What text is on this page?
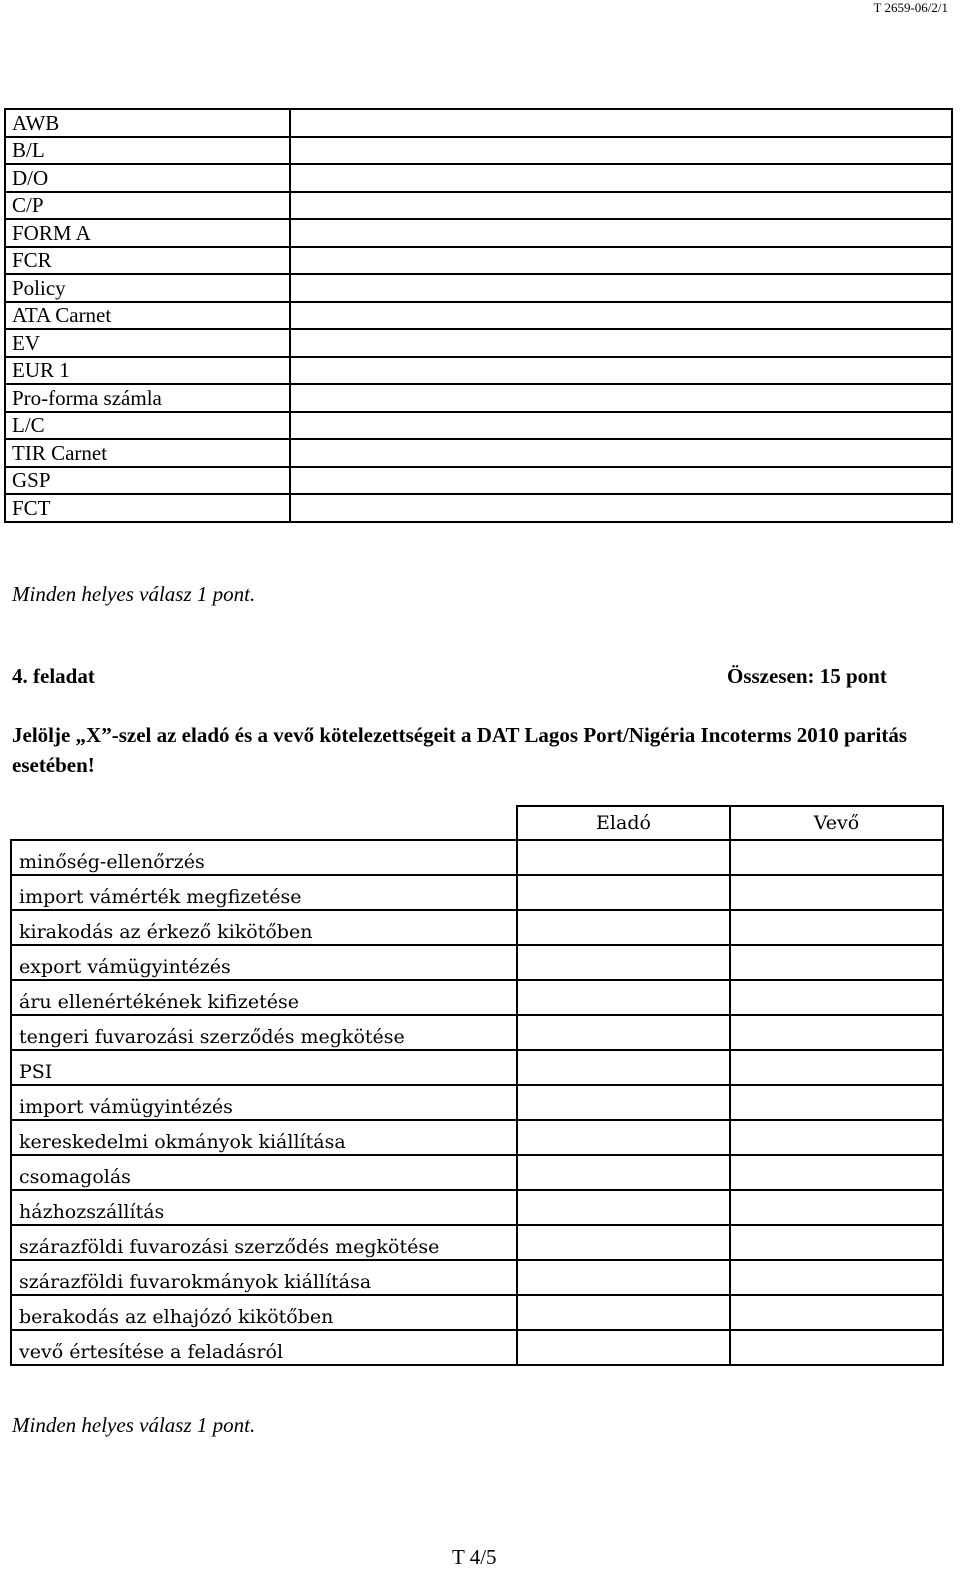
T 2659-06/2/1
AWB	
B/L	
D/O	
C/P	
FORM A	
FCR	
Policy	
ATA Carnet	
EV	
EUR 1	
Pro-forma számla	
L/C	
TIR Carnet	
GSP	
FCT	
Minden helyes válasz 1 pont.
4. feladat	Összesen: 15 pont
Jelölje „X”-szel az eladó és a vevő kötelezettségeit a DAT Lagos Port/Nigéria Incoterms 2010 paritás esetében!
	Eladó	Vevő
minőség-ellenőrzés		
import vámérték megfizetése		
kirakodás az érkező kikötőben		
export vámügyintézés		
áru ellenértékének kifizetése		
tengeri fuvarozási szerződés megkötése		
PSI		
import vámügyintézés		
kereskedelmi okmányok kiállítása		
csomagolás		
házhozszállítás		
szárazföldi fuvarozási szerződés megkötése		
szárazföldi fuvarokmányok kiállítása		
berakodás az elhajózó kikötőben		
vevő értesítése a feladásról		
Minden helyes válasz 1 pont.
T 4/5
